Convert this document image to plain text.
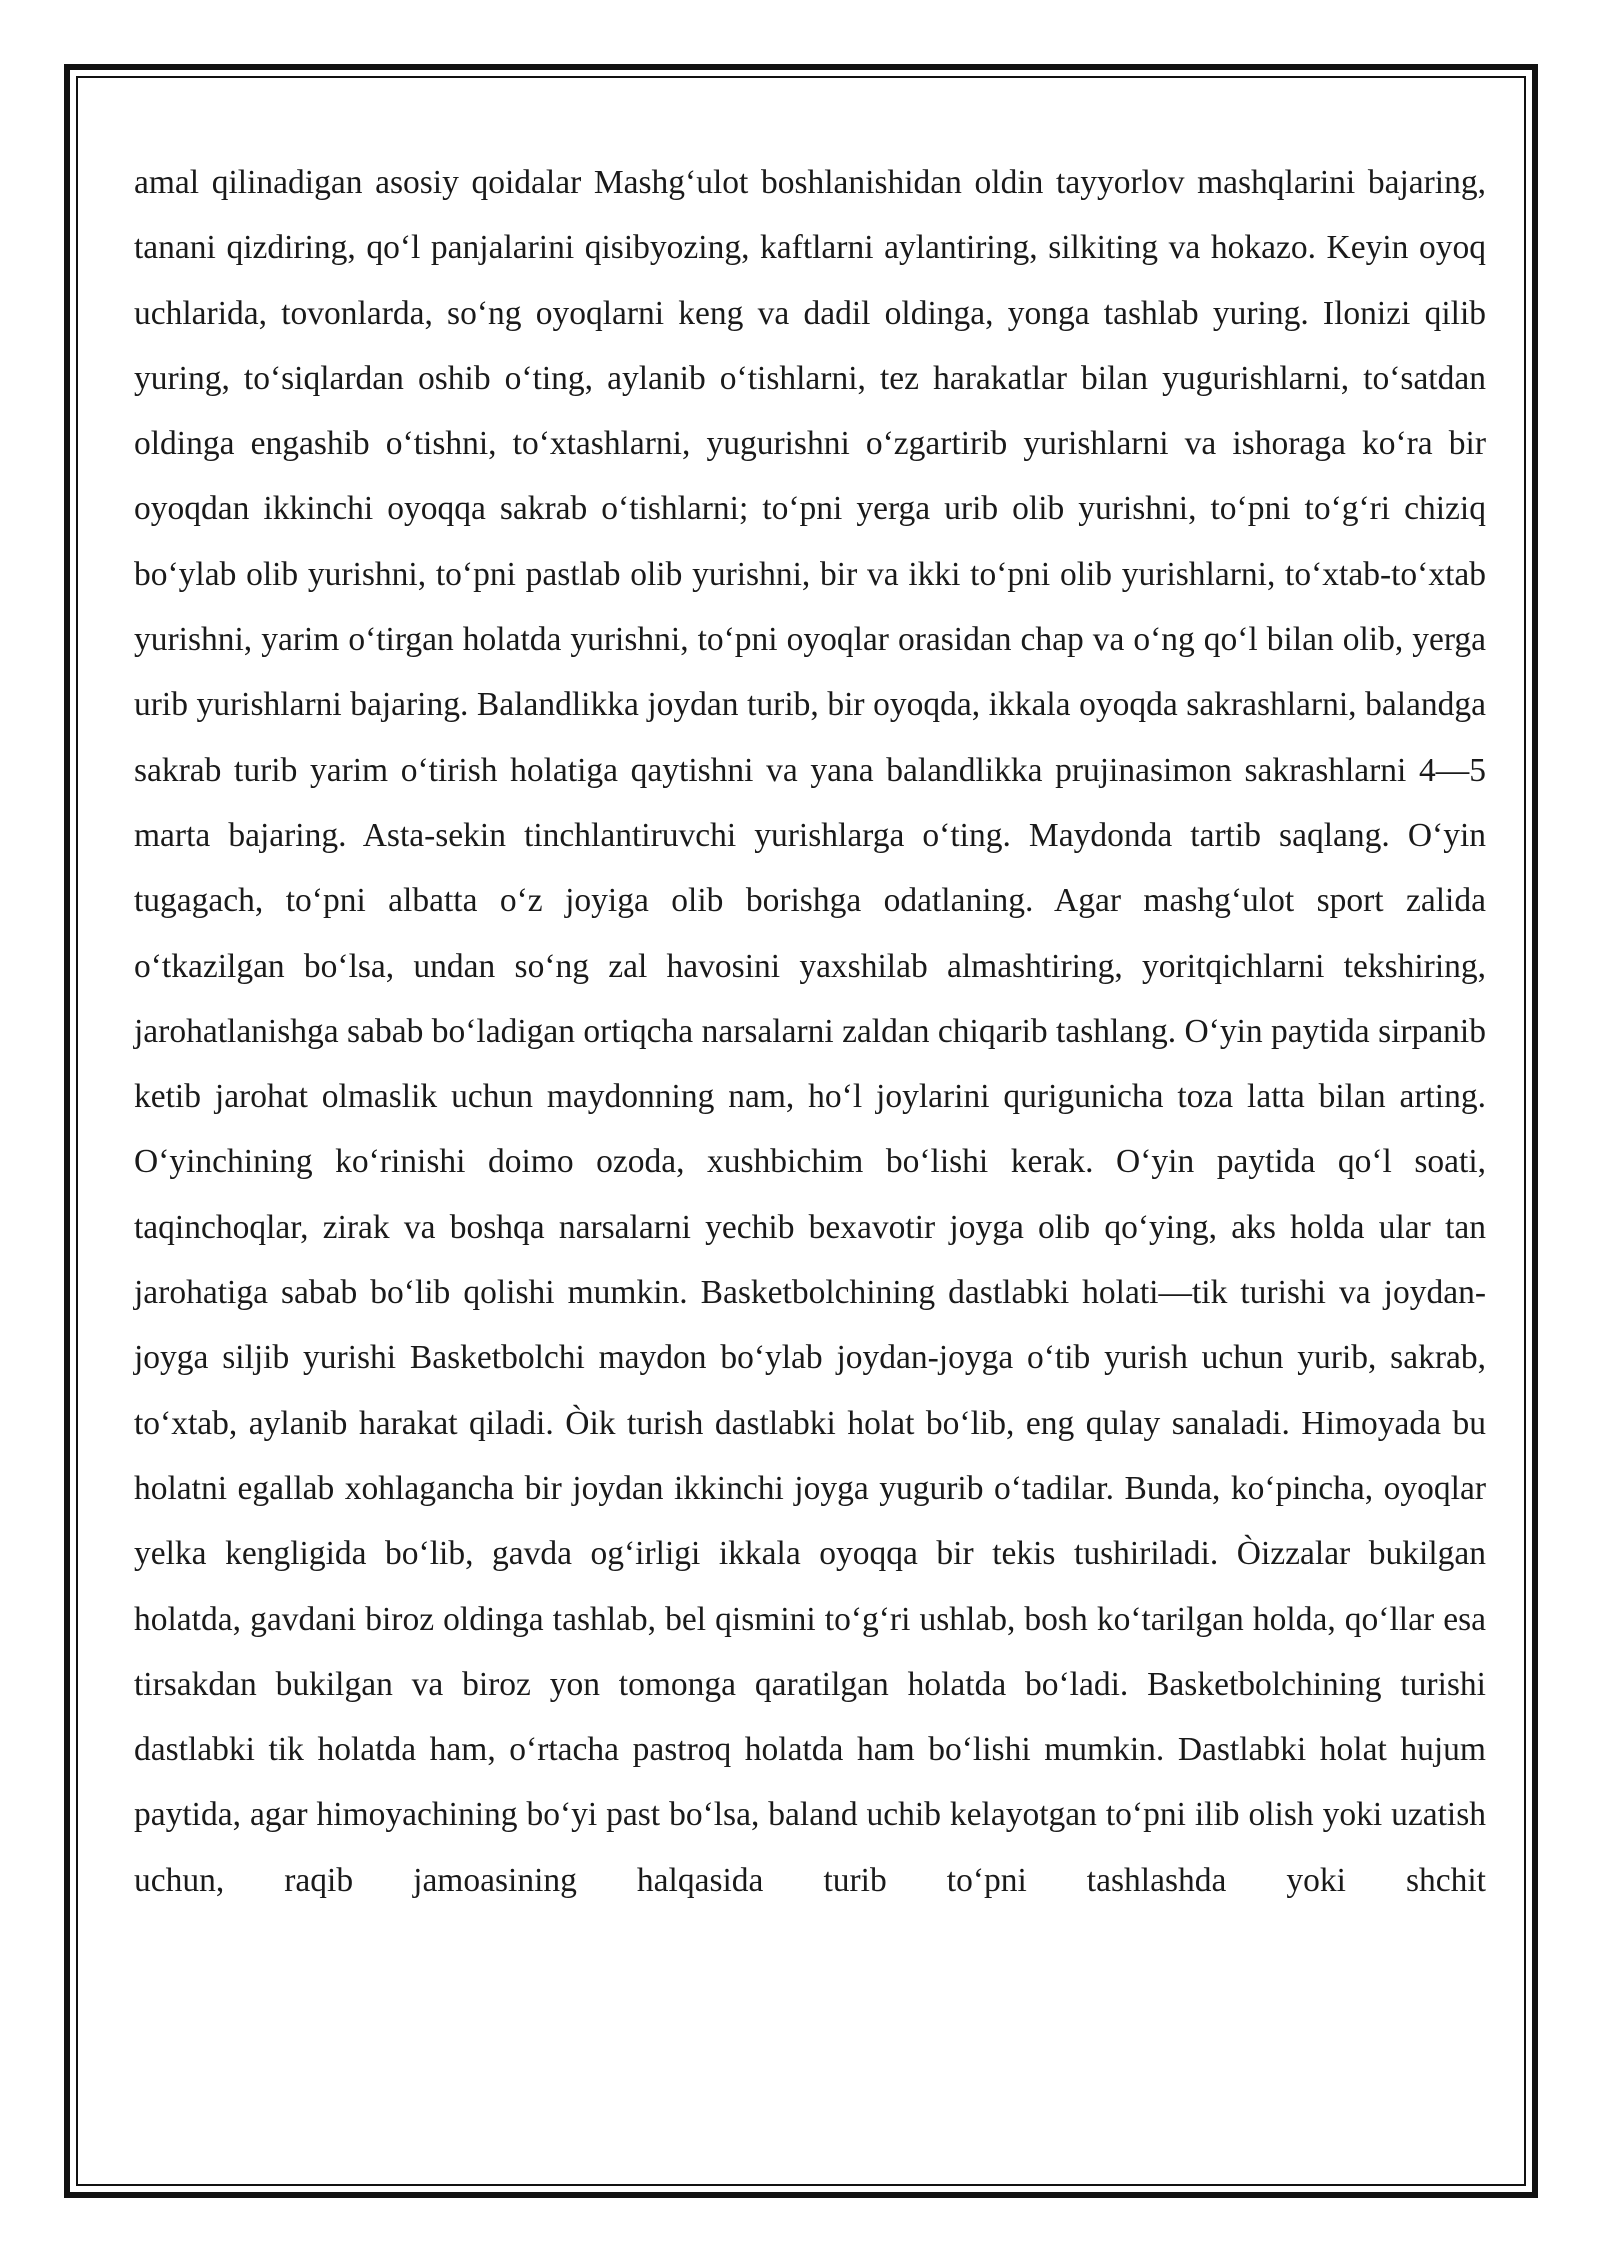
amal qilinadigan asosiy qoidalar Mashg‘ulot boshlanishidan oldin tayyorlov mashqlarini bajaring, tanani qizdiring, qo‘l panjalarini qisibyozing, kaftlarni aylantiring, silkiting va hokazo. Keyin oyoq uchlarida, tovonlarda, so‘ng oyoqlarni keng va dadil oldinga, yonga tashlab yuring. Ilonizi qilib yuring, to‘siqlardan oshib o‘ting, aylanib o‘tishlarni, tez harakatlar bilan yugurishlarni, to‘satdan oldinga engashib o‘tishni, to‘xtashlarni, yugurishni o‘zgartirib yurishlarni va ishoraga ko‘ra bir oyoqdan ikkinchi oyoqqa sakrab o‘tishlarni; to‘pni yerga urib olib yurishni, to‘pni to‘g‘ri chiziq bo‘ylab olib yurishni, to‘pni pastlab olib yurishni, bir va ikki to‘pni olib yurishlarni, to‘xtab-to‘xtab yurishni, yarim o‘tirgan holatda yurishni, to‘pni oyoqlar orasidan chap va o‘ng qo‘l bilan olib, yerga urib yurishlarni bajaring. Balandlikka joydan turib, bir oyoqda, ikkala oyoqda sakrashlarni, balandga sakrab turib yarim o‘tirish holatiga qaytishni va yana balandlikka prujinasimon sakrashlarni 4—5 marta bajaring. Asta-sekin tinchlantiruvchi yurishlarga o‘ting. Maydonda tartib saqlang. O‘yin tugagach, to‘pni albatta o‘z joyiga olib borishga odatlaning. Agar mashg‘ulot sport zalida o‘tkazilgan bo‘lsa, undan so‘ng zal havosini yaxshilab almashtiring, yoritqichlarni tekshiring, jarohatlanishga sabab bo‘ladigan ortiqcha narsalarni zaldan chiqarib tashlang. O‘yin paytida sirpanib ketib jarohat olmaslik uchun maydonning nam, ho‘l joylarini qurigunicha toza latta bilan arting. O‘yinchining ko‘rinishi doimo ozoda, xushbichim bo‘lishi kerak. O‘yin paytida qo‘l soati, taqinchoqlar, zirak va boshqa narsalarni yechib bexavotir joyga olib qo‘ying, aks holda ular tan jarohatiga sabab bo‘lib qolishi mumkin. Basketbolchining dastlabki holati—tik turishi va joydan-joyga siljib yurishi Basketbolchi maydon bo‘ylab joydan-joyga o‘tib yurish uchun yurib, sakrab, to‘xtab, aylanib harakat qiladi. Òik turish dastlabki holat bo‘lib, eng qulay sanaladi. Himoyada bu holatni egallab xohlagancha bir joydan ikkinchi joyga yugurib o‘tadilar. Bunda, ko‘pincha, oyoqlar yelka kengligida bo‘lib, gavda og‘irligi ikkala oyoqqa bir tekis tushiriladi. Òizzalar bukilgan holatda, gavdani biroz oldinga tashlab, bel qismini to‘g‘ri ushlab, bosh ko‘tarilgan holda, qo‘llar esa tirsakdan bukilgan va biroz yon tomonga qaratilgan holatda bo‘ladi. Basketbolchining turishi dastlabki tik holatda ham, o‘rtacha pastroq holatda ham bo‘lishi mumkin. Dastlabki holat hujum paytida, agar himoyachining bo‘yi past bo‘lsa, baland uchib kelayotgan to‘pni ilib olish yoki uzatish uchun, raqib jamoasining halqasida turib to‘pni tashlashda yoki shchit
